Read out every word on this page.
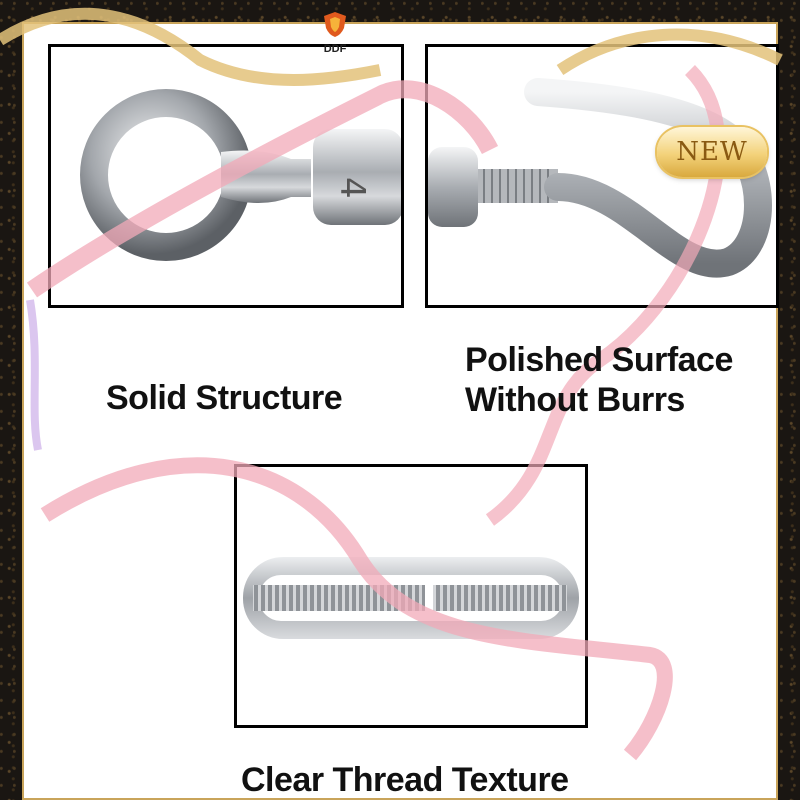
4
DDF
NEW
Solid Structure
Polished Surface
Without Burrs
Clear Thread Texture
